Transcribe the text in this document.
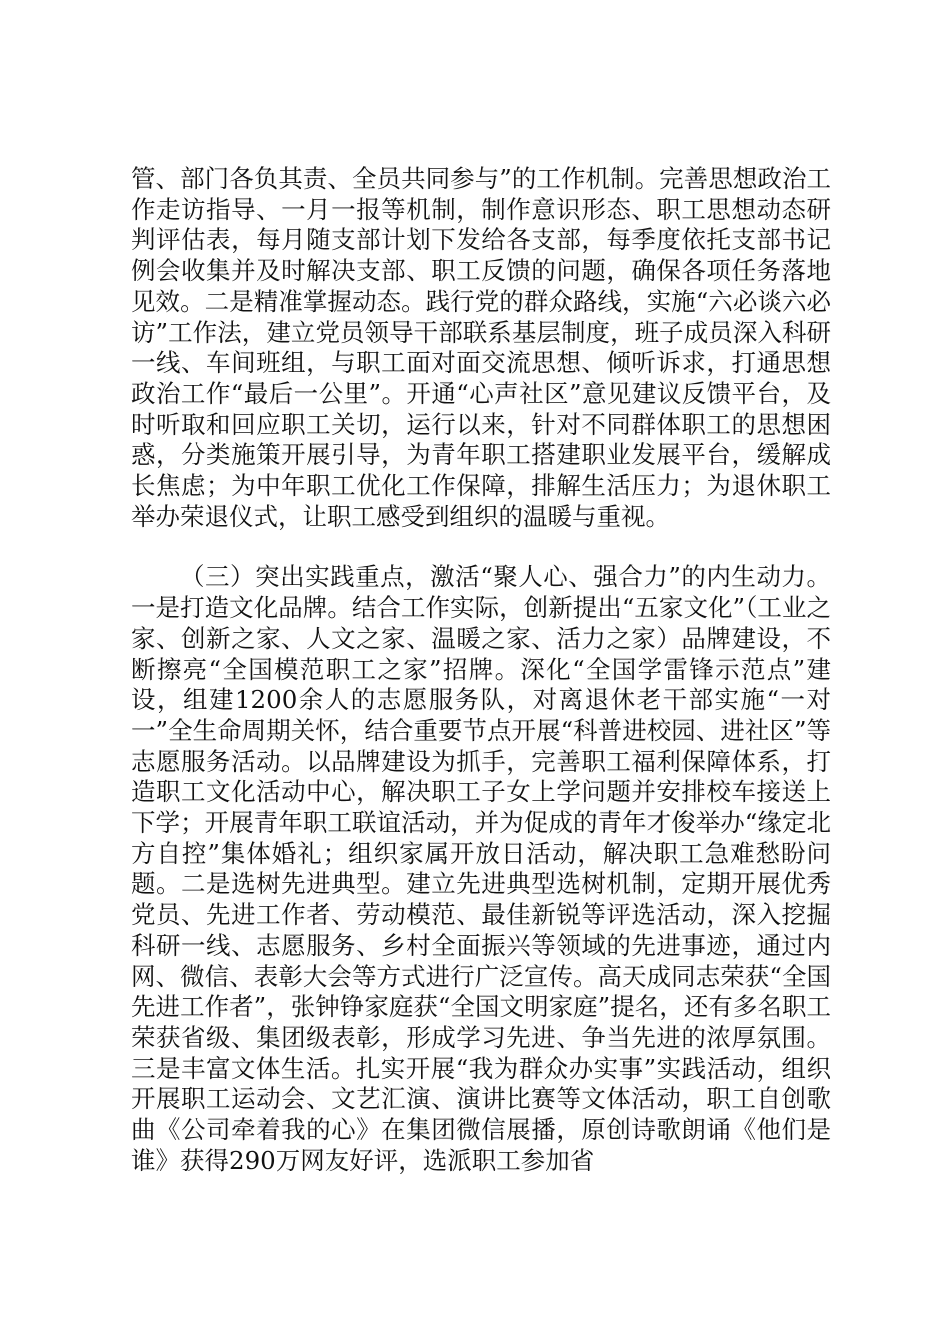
管、部门各负其责、全员共同参与”的工作机制。完善思想政治工作走访指导、一月一报等机制，制作意识形态、职工思想动态研判评估表，每月随支部计划下发给各支部，每季度依托支部书记例会收集并及时解决支部、职工反馈的问题，确保各项任务落地见效。二是精准掌握动态。践行党的群众路线，实施“六必谈六必访”工作法，建立党员领导干部联系基层制度，班子成员深入科研一线、车间班组，与职工面对面交流思想、倾听诉求，打通思想政治工作“最后一公里”。开通“心声社区”意见建议反馈平台，及时听取和回应职工关切，运行以来，针对不同群体职工的思想困惑，分类施策开展引导，为青年职工搭建职业发展平台，缓解成长焦虑；为中年职工优化工作保障，排解生活压力；为退休职工举办荣退仪式，让职工感受到组织的温暖与重视。

（三）突出实践重点，激活“聚人心、强合力”的内生动力。一是打造文化品牌。结合工作实际，创新提出“五家文化”（工业之家、创新之家、人文之家、温暖之家、活力之家）品牌建设，不断擦亮“全国模范职工之家”招牌。深化“全国学雷锋示范点”建设，组建1200余人的志愿服务队，对离退休老干部实施“一对一”全生命周期关怀，结合重要节点开展“科普进校园、进社区”等志愿服务活动。以品牌建设为抓手，完善职工福利保障体系，打造职工文化活动中心，解决职工子女上学问题并安排校车接送上下学；开展青年职工联谊活动，并为促成的青年才俊举办“缘定北方自控”集体婚礼；组织家属开放日活动，解决职工急难愁盼问题。二是选树先进典型。建立先进典型选树机制，定期开展优秀党员、先进工作者、劳动模范、最佳新锐等评选活动，深入挖掘科研一线、志愿服务、乡村全面振兴等领域的先进事迹，通过内网、微信、表彰大会等方式进行广泛宣传。高天成同志荣获“全国先进工作者”，张钟铮家庭获“全国文明家庭”提名，还有多名职工荣获省级、集团级表彰，形成学习先进、争当先进的浓厚氛围。三是丰富文体生活。扎实开展“我为群众办实事”实践活动，组织开展职工运动会、文艺汇演、演讲比赛等文体活动，职工自创歌曲《公司牵着我的心》在集团微信展播，原创诗歌朗诵《他们是谁》获得290万网友好评，选派职工参加省
